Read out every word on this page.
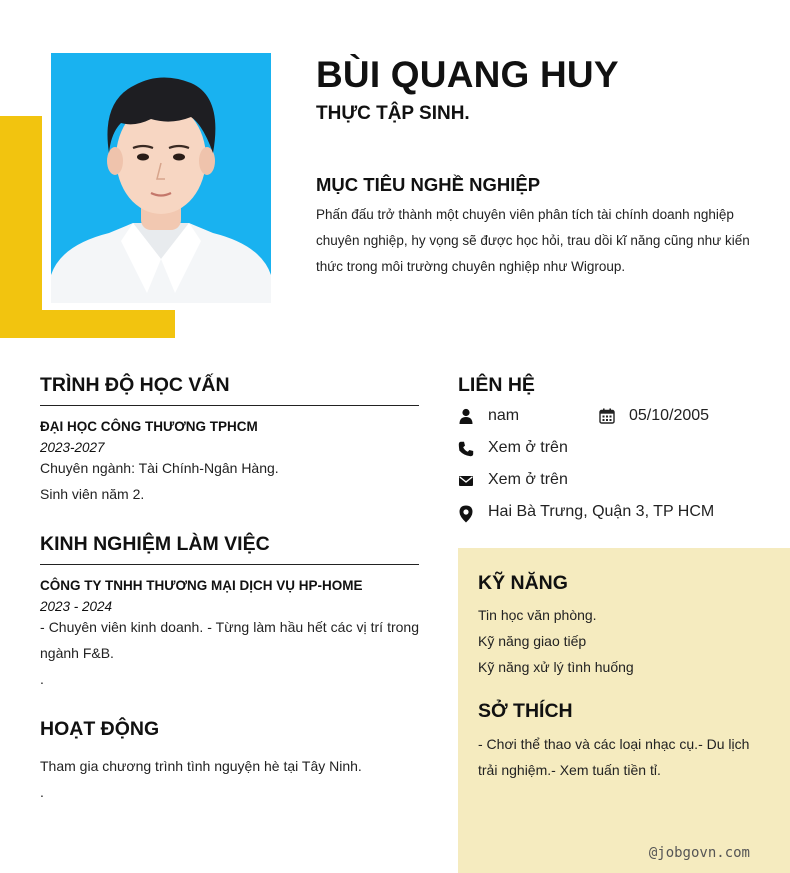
BÙI QUANG HUY
THỰC TẬP SINH.
MỤC TIÊU NGHỀ NGHIỆP
Phấn đấu trở thành một chuyên viên phân tích tài chính doanh nghiệp chuyên nghiệp, hy vọng sẽ được học hỏi, trau dồi kĩ năng cũng như kiến thức trong môi trường chuyên nghiệp như Wigroup.
TRÌNH ĐỘ HỌC VẤN
ĐẠI HỌC CÔNG THƯƠNG TPHCM
2023-2027
Chuyên ngành: Tài Chính-Ngân Hàng.
Sinh viên năm 2.
KINH NGHIỆM LÀM VIỆC
CÔNG TY TNHH THƯƠNG MẠI DỊCH VỤ HP-HOME
2023 - 2024
- Chuyên viên kinh doanh. - Từng làm hầu hết các vị trí trong ngành F&B.
.
HOẠT ĐỘNG
Tham gia chương trình tình nguyện hè tại Tây Ninh.
.
LIÊN HỆ
nam	05/10/2005
Xem ở trên
Xem ở trên
Hai Bà Trưng, Quận 3, TP HCM
KỸ NĂNG
Tin học văn phòng.
Kỹ năng giao tiếp
Kỹ năng xử lý tình huống
SỞ THÍCH
- Chơi thể thao và các loại nhạc cụ.- Du lịch trải nghiệm.- Xem tuấn tiền tỉ.
@jobgovn.com
